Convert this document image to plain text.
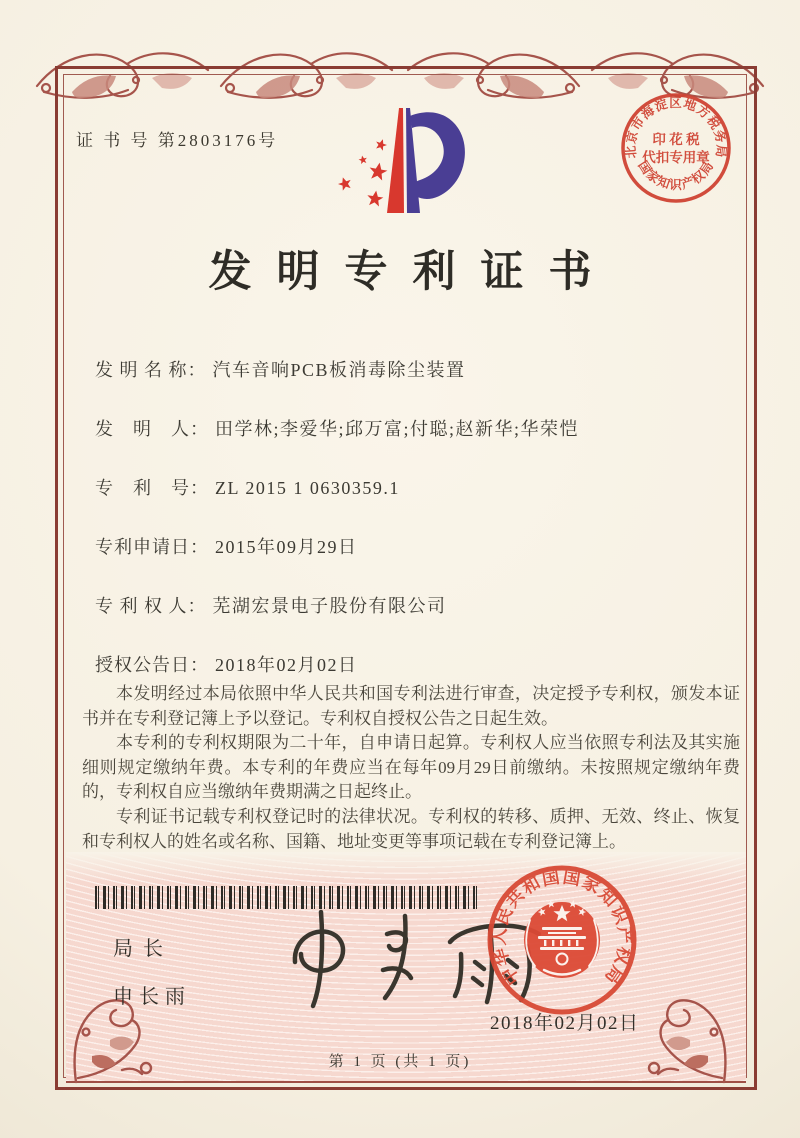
证 书 号 第2803176号
北京市海淀区地方税务局
国家知识产权局
印 花 税
代扣专用章
发明专利证书
发 明 名 称： 汽车音响PCB板消毒除尘装置
发　明　人： 田学林;李爱华;邱万富;付聪;赵新华;华荣恺
专　利　号： ZL 2015 1 0630359.1
专利申请日： 2015年09月29日
专 利 权 人： 芜湖宏景电子股份有限公司
授权公告日： 2018年02月02日

本发明经过本局依照中华人民共和国专利法进行审查，决定授予专利权，颁发本证书并在专利登记簿上予以登记。专利权自授权公告之日起生效。

本专利的专利权期限为二十年，自申请日起算。专利权人应当依照专利法及其实施细则规定缴纳年费。本专利的年费应当在每年09月29日前缴纳。未按照规定缴纳年费的，专利权自应当缴纳年费期满之日起终止。

专利证书记载专利权登记时的法律状况。专利权的转移、质押、无效、终止、恢复和专利权人的姓名或名称、国籍、地址变更等事项记载在专利登记簿上。

局长
申长雨
中华人民共和国国家知识产权局
2018年02月02日
第 1 页 (共 1 页)
